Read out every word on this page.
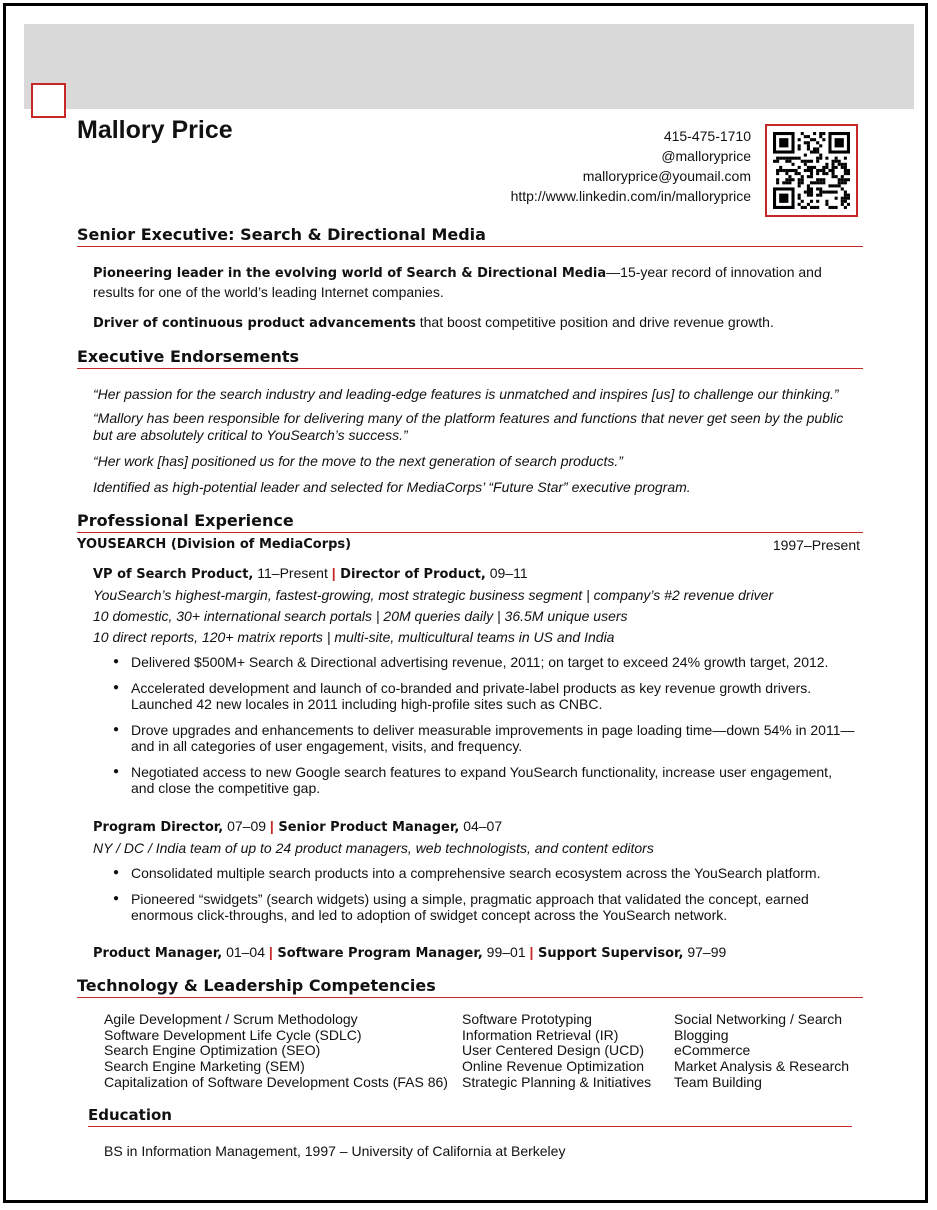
Mallory Price	415-475-1710
@malloryprice
malloryprice@youmail.com
http://www.linkedin.com/in/malloryprice
Senior Executive: Search & Directional Media

Pioneering leader in the evolving world of Search & Directional Media—15-year record of innovation and results for one of the world’s leading Internet companies.

Driver of continuous product advancements that boost competitive position and drive revenue growth.

Executive Endorsements

“Her passion for the search industry and leading-edge features is unmatched and inspires [us] to challenge our thinking.”

“Mallory has been responsible for delivering many of the platform features and functions that never get seen by the public but are absolutely critical to YouSearch’s success.”

“Her work [has] positioned us for the move to the next generation of search products.”

Identified as high-potential leader and selected for MediaCorps’ “Future Star” executive program.

Professional Experience

YOUSEARCH (Division of MediaCorps)	1997–Present

VP of Search Product, 11–Present | Director of Product, 09–11

YouSearch’s highest-margin, fastest-growing, most strategic business segment | company’s #2 revenue driver

10 domestic, 30+ international search portals | 20M queries daily | 36.5M unique users

10 direct reports, 120+ matrix reports | multi-site, multicultural teams in US and India

● Delivered $500M+ Search & Directional advertising revenue, 2011; on target to exceed 24% growth target, 2012.
● Accelerated development and launch of co-branded and private-label products as key revenue growth drivers. Launched 42 new locales in 2011 including high-profile sites such as CNBC.
● Drove upgrades and enhancements to deliver measurable improvements in page loading time—down 54% in 2011—and in all categories of user engagement, visits, and frequency.
● Negotiated access to new Google search features to expand YouSearch functionality, increase user engagement, and close the competitive gap.

Program Director, 07–09 | Senior Product Manager, 04–07

NY / DC / India team of up to 24 product managers, web technologists, and content editors

● Consolidated multiple search products into a comprehensive search ecosystem across the YouSearch platform.
● Pioneered “swidgets” (search widgets) using a simple, pragmatic approach that validated the concept, earned enormous click-throughs, and led to adoption of swidget concept across the YouSearch network.

Product Manager, 01–04 | Software Program Manager, 99–01 | Support Supervisor, 97–99

Technology & Leadership Competencies
Agile Development / Scrum Methodology
Software Development Life Cycle (SDLC)
Search Engine Optimization (SEO)
Search Engine Marketing (SEM)
Capitalization of Software Development Costs (FAS 86)
Software Prototyping
Information Retrieval (IR)
User Centered Design (UCD)
Online Revenue Optimization
Strategic Planning & Initiatives
Social Networking / Search
Blogging
eCommerce
Market Analysis & Research
Team Building
Education

BS in Information Management, 1997 – University of California at Berkeley
